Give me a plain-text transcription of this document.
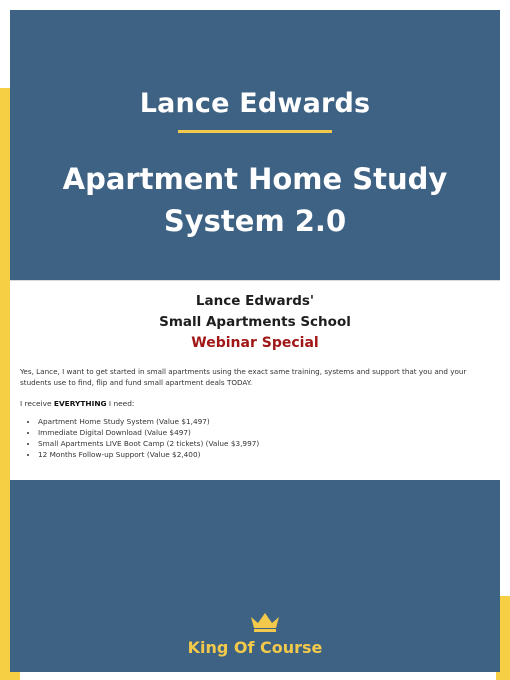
Lance Edwards
Apartment Home Study
System 2.0
King Of Course
Lance Edwards'
Small Apartments School
Webinar Special

Yes, Lance, I want to get started in small apartments using the exact same training, systems and support that you and your students use to find, flip and fund small apartment deals TODAY.

I receive EVERYTHING I need:

• Apartment Home Study System (Value $1,497)
• Immediate Digital Download (Value $497)
• Small Apartments LIVE Boot Camp (2 tickets) (Value $3,997)
• 12 Months Follow-up Support (Value $2,400)
